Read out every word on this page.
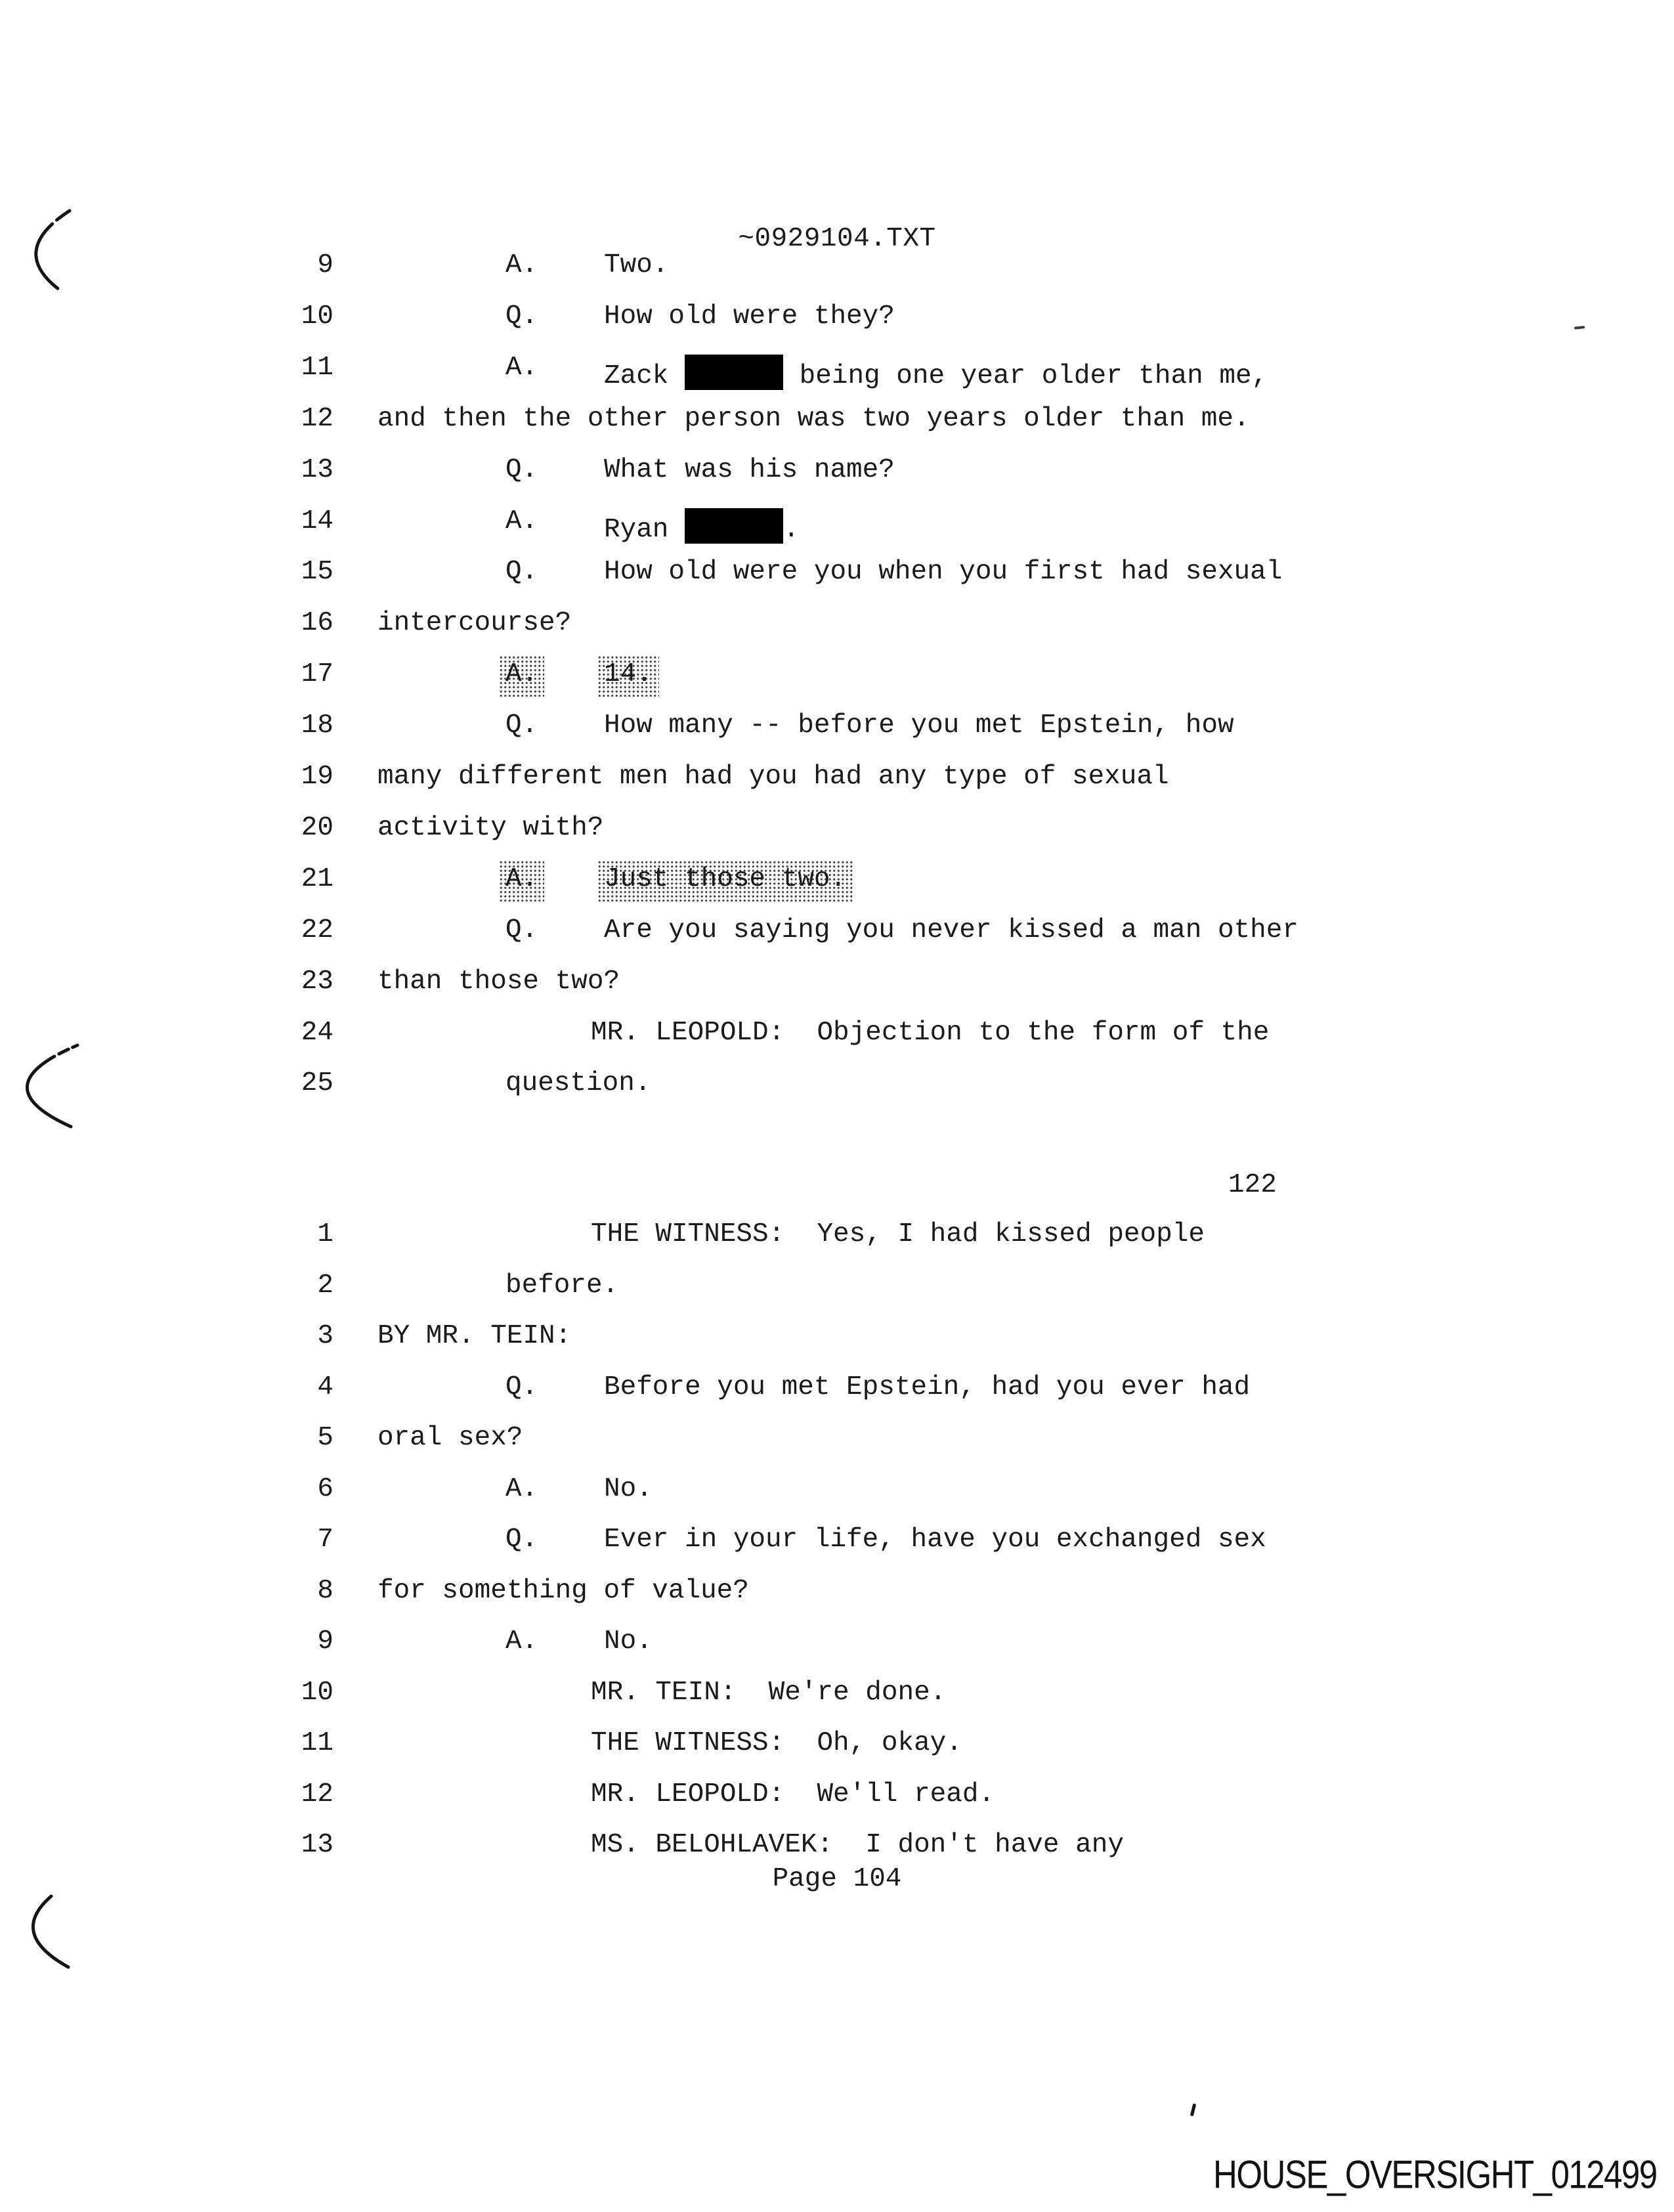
~0929104.TXT
9	A. Two.
10	Q. How old were they?
11	A. Zack	being one year older than me,
12 and then the other person was two years older than me.
13	Q. What was his name?
14	A. Ryan	.
15	Q. How old were you when you first had sexual
16 intercourse?
17	A. 14.
18	Q. How many -- before you met Epstein, how
19 many different men had you had any type of sexual
20 activity with?
21	A. Just those two.
22	Q. Are you saying you never kissed a man other
23 than those two?
24	MR. LEOPOLD:  Objection to the form of the
25	question.
122
1	THE WITNESS:  Yes, I had kissed people
2	before.
3 BY MR. TEIN:
4	Q. Before you met Epstein, had you ever had
5 oral sex?
6	A. No.
7	Q. Ever in your life, have you exchanged sex
8 for something of value?
9	A. No.
10	MR. TEIN:  We're done.
11	THE WITNESS:  Oh, okay.
12	MR. LEOPOLD:  We'll read.
13	MS. BELOHLAVEK:  I don't have any
Page 104
HOUSE_OVERSIGHT_012499
